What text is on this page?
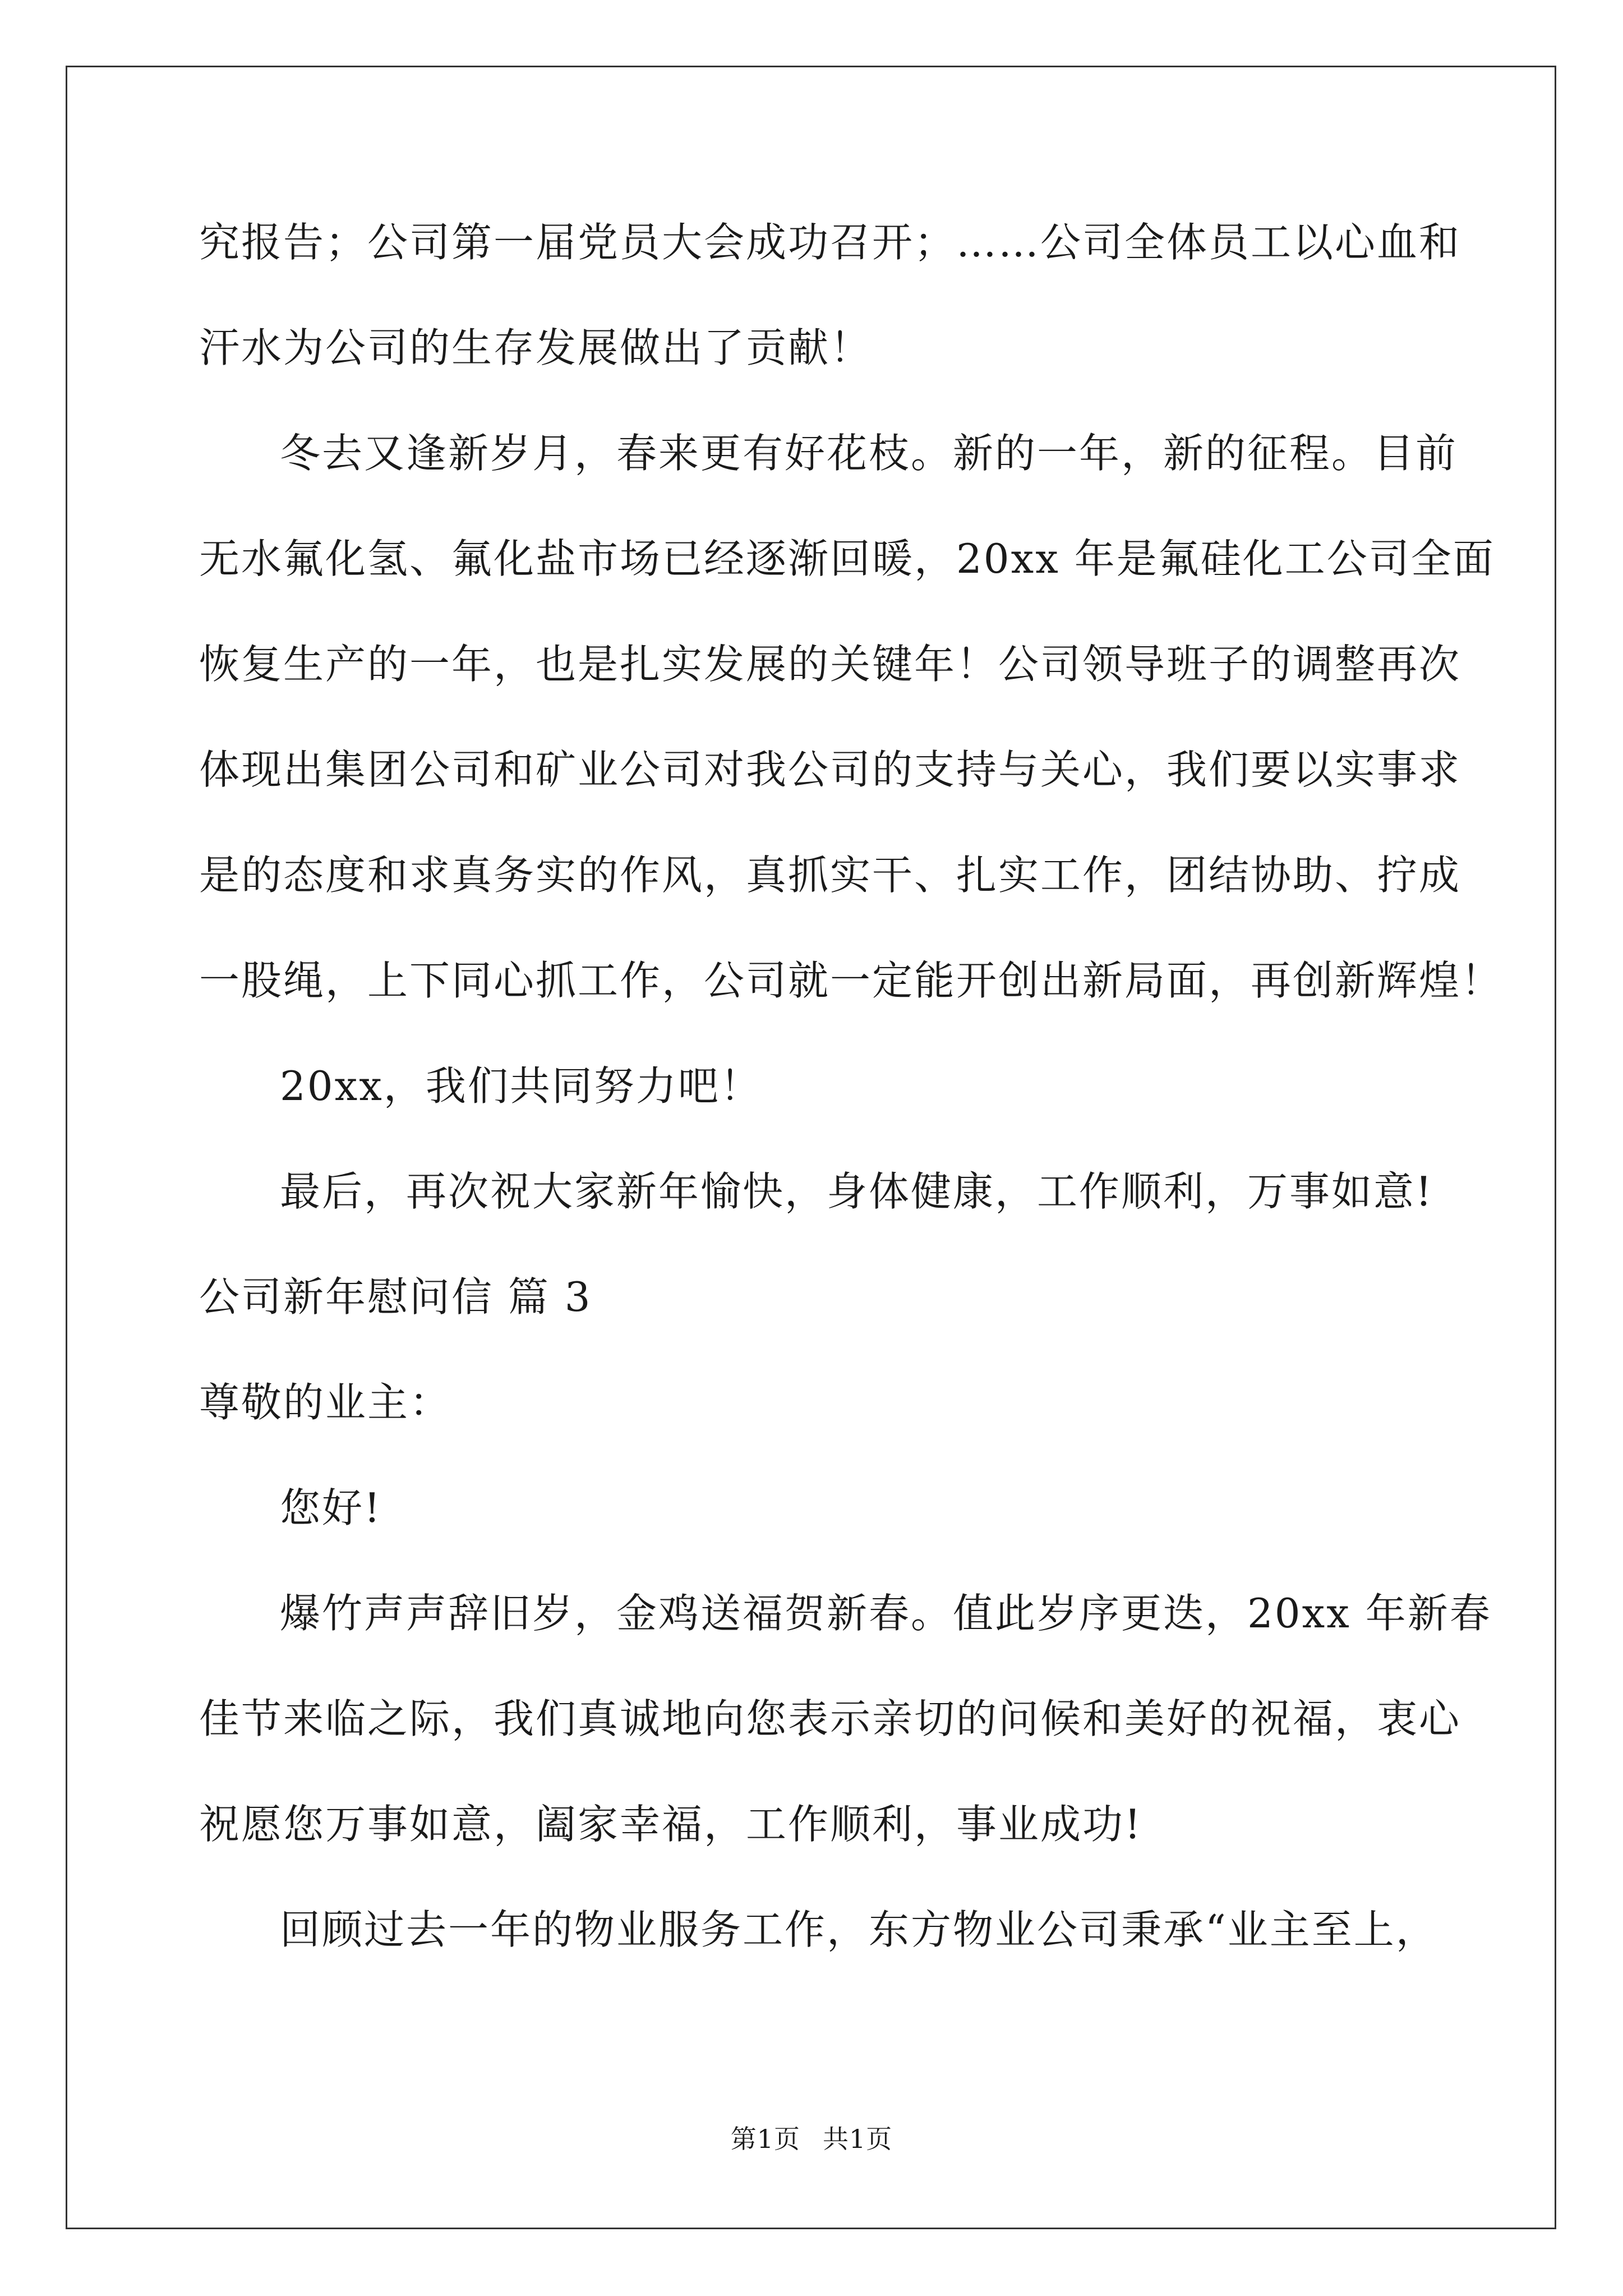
究报告；公司第一届党员大会成功召开；……公司全体员工以心血和
汗水为公司的生存发展做出了贡献！
冬去又逢新岁月，春来更有好花枝。新的一年，新的征程。目前
无水氟化氢、氟化盐市场已经逐渐回暖，20xx 年是氟硅化工公司全面
恢复生产的一年，也是扎实发展的关键年！公司领导班子的调整再次
体现出集团公司和矿业公司对我公司的支持与关心，我们要以实事求
是的态度和求真务实的作风，真抓实干、扎实工作，团结协助、拧成
一股绳，上下同心抓工作，公司就一定能开创出新局面，再创新辉煌！
20xx，我们共同努力吧！
最后，再次祝大家新年愉快，身体健康，工作顺利，万事如意!
公司新年慰问信 篇 3
尊敬的业主：
您好!
爆竹声声辞旧岁，金鸡送福贺新春。值此岁序更迭，20xx 年新春
佳节来临之际，我们真诚地向您表示亲切的问候和美好的祝福，衷心
祝愿您万事如意，阖家幸福，工作顺利，事业成功!
回顾过去一年的物业服务工作，东方物业公司秉承“业主至上，
第1页 共1页
